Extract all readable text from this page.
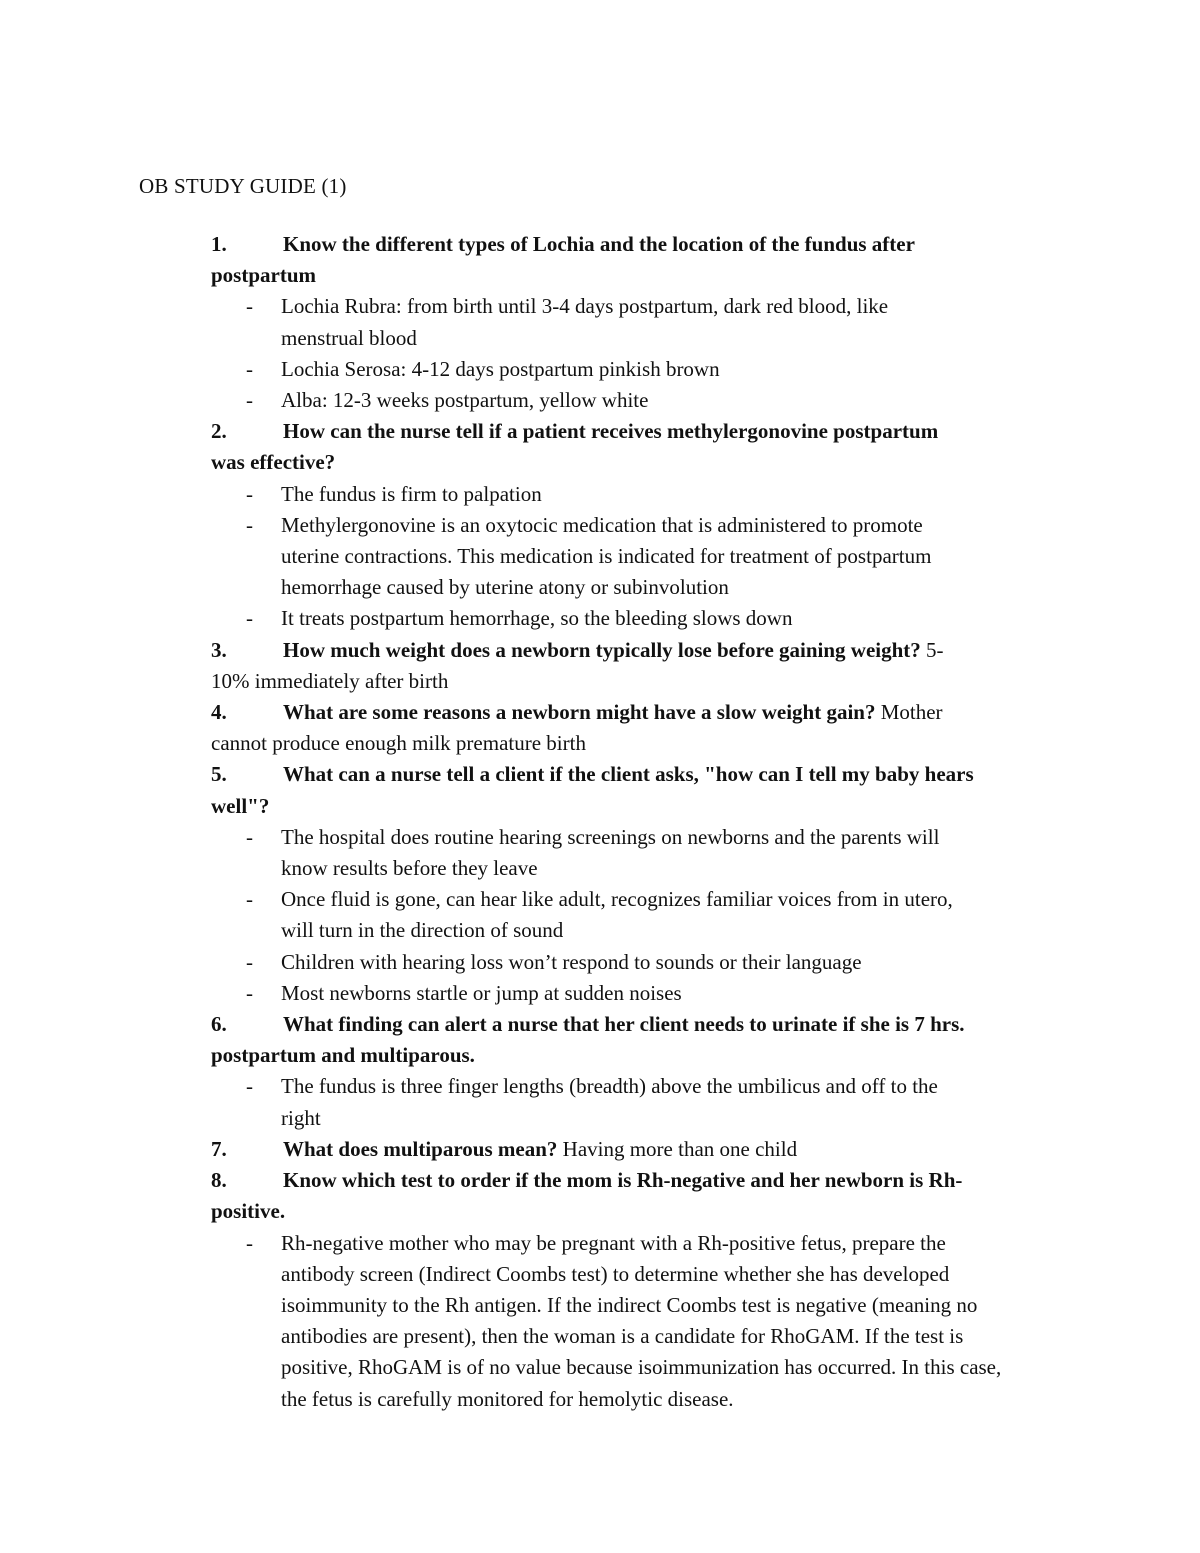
OB STUDY GUIDE (1)
1.	Know the different types of Lochia and the location of the fundus after
postpartum
- Lochia Rubra: from birth until 3-4 days postpartum, dark red blood, like
menstrual blood
- Lochia Serosa: 4-12 days postpartum pinkish brown
- Alba: 12-3 weeks postpartum, yellow white
2.	How can the nurse tell if a patient receives methylergonovine postpartum
was effective?
- The fundus is firm to palpation
- Methylergonovine is an oxytocic medication that is administered to promote
uterine contractions. This medication is indicated for treatment of postpartum
hemorrhage caused by uterine atony or subinvolution
- It treats postpartum hemorrhage, so the bleeding slows down
3.	How much weight does a newborn typically lose before gaining weight? 5-
10% immediately after birth
4.	What are some reasons a newborn might have a slow weight gain? Mother
cannot produce enough milk premature birth
5.	What can a nurse tell a client if the client asks, "how can I tell my baby hears
well"?
- The hospital does routine hearing screenings on newborns and the parents will
know results before they leave
- Once fluid is gone, can hear like adult, recognizes familiar voices from in utero,
will turn in the direction of sound
- Children with hearing loss won’t respond to sounds or their language
- Most newborns startle or jump at sudden noises
6.	What finding can alert a nurse that her client needs to urinate if she is 7 hrs.
postpartum and multiparous.
- The fundus is three finger lengths (breadth) above the umbilicus and off to the
right
7.	What does multiparous mean? Having more than one child
8.	Know which test to order if the mom is Rh-negative and her newborn is Rh-
positive.
- Rh-negative mother who may be pregnant with a Rh-positive fetus, prepare the
antibody screen (Indirect Coombs test) to determine whether she has developed
isoimmunity to the Rh antigen. If the indirect Coombs test is negative (meaning no
antibodies are present), then the woman is a candidate for RhoGAM. If the test is
positive, RhoGAM is of no value because isoimmunization has occurred. In this case,
the fetus is carefully monitored for hemolytic disease.
